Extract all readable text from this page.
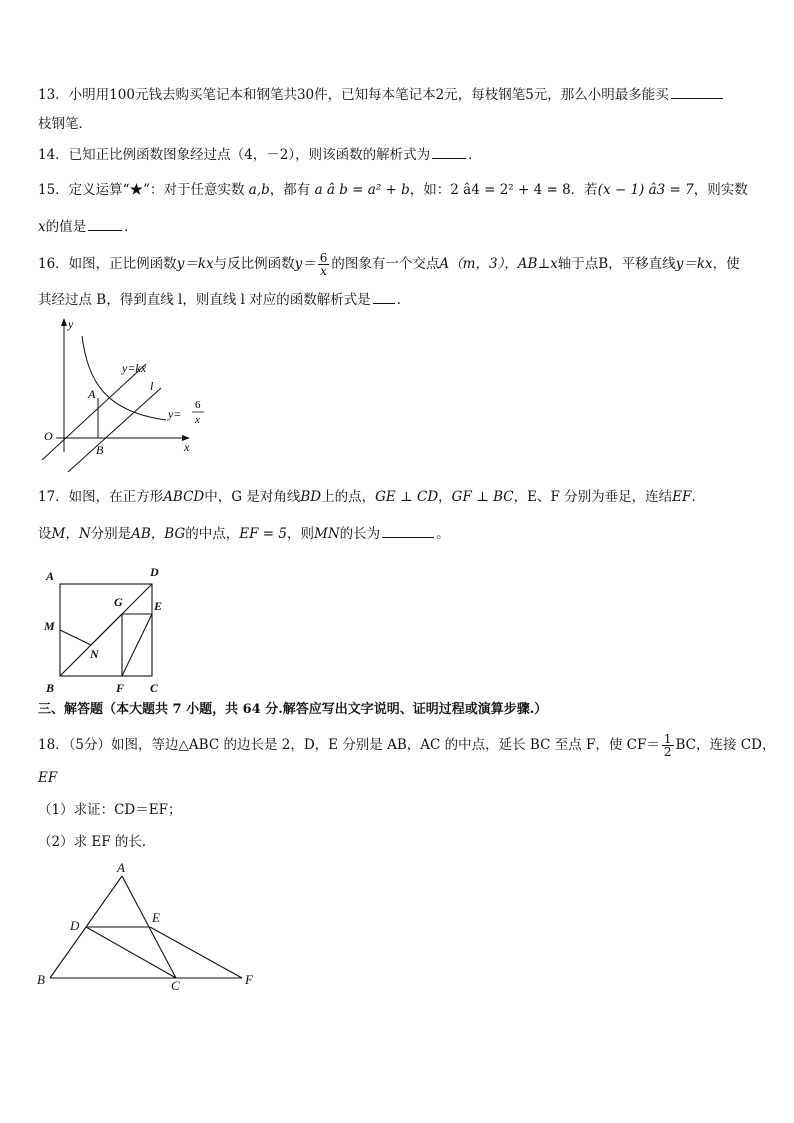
13．小明用100元钱去购买笔记本和钢笔共30件，已知每本笔记本2元，每枝钢笔5元，那么小明最多能买
枝钢笔．
14．已知正比例函数图象经过点（4，－2），则该函数的解析式为	．
15．定义运算“★”：对于任意实数 a,b，都有 a â b = a² + b，如：2 â4 = 2² + 4 = 8．若(x − 1) â3 = 7，则实数
x的值是	．
16．如图，正比例函数y＝kx与反比例函数$y= \frac{6}{x}$ 的图象有一个交点A（m，3），AB⊥x轴于点B，平移直线y＝kx，使
其经过点 B，得到直线 l，则直线 l 对应的函数解析式是 ．
y
x
O
A
B
y=kx
l
y=
6
x
17．如图，在正方形ABCD中，G 是对角线BD上的点，GE ⊥ CD，GF ⊥ BC，E、F 分别为垂足，连结EF．
设M，N分别是AB，BG的中点，EF = 5，则MN的长为	。
A	D
G	E
M
N
B	F C
三、解答题（本大题共 7 小题，共 64 分.解答应写出文字说明、证明过程或演算步骤.）
18．（5分）如图，等边△ABC 的边长是 2，D，E 分别是 AB，AC 的中点，延长 BC 至点 F，使 $CF= \frac{1}{2}$ BC，连接 CD，
EF
（1）求证：CD＝EF；
（2）求 EF 的长．
A
D
E
B	C	F
